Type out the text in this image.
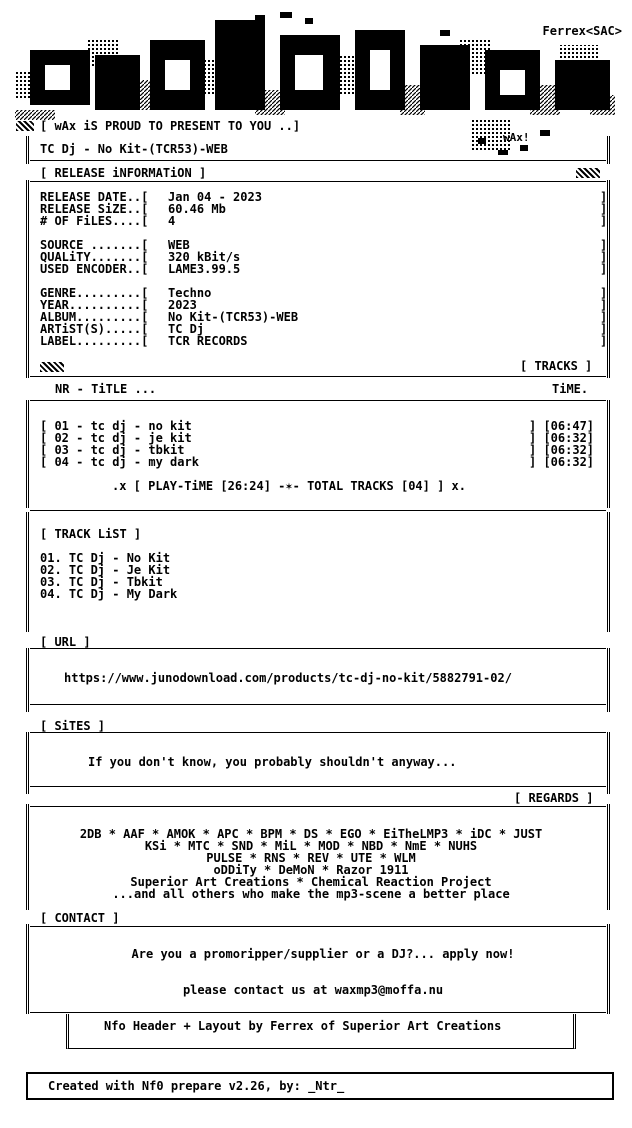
Ferrex<SAC>
[ wAx iS PROUD TO PRESENT TO YOU ..]
wAx!
TC Dj - No Kit-(TCR53)-WEB
[ RELEASE iNFORMATiON ]
RELEASE DATE..[ Jan 04 - 2023	]
RELEASE SiZE..[ 60.46 Mb	]
# OF FiLES....[ 4	]
SOURCE .......[ WEB	]
QUALiTY.......[ 320 kBit/s	]
USED ENCODER..[ LAME3.99.5	]
GENRE.........[ Techno	]
YEAR..........[ 2023	]
ALBUM.........[ No Kit-(TCR53)-WEB	]
ARTiST(S).....[ TC Dj	]
LABEL.........[ TCR RECORDS	]
[ TRACKS ]
NR - TiTLE ...	TiME.
[ 01 - tc dj - no kit	] [06:47]
[ 02 - tc dj - je kit	] [06:32]
[ 03 - tc dj - tbkit	] [06:32]
[ 04 - tc dj - my dark	] [06:32]
.x [ PLAY-TiME [26:24] -✶- TOTAL TRACKS [04] ] x.
[ TRACK LiST ]
01. TC Dj - No Kit
02. TC Dj - Je Kit
03. TC Dj - Tbkit
04. TC Dj - My Dark
[ URL ]
https://www.junodownload.com/products/tc-dj-no-kit/5882791-02/
[ SiTES ]
If you don't know, you probably shouldn't anyway...
[ REGARDS ]
2DB * AAF * AMOK * APC * BPM * DS * EGO * EiTheLMP3 * iDC * JUST
KSi * MTC * SND * MiL * MOD * NBD * NmE * NUHS
PULSE * RNS * REV * UTE * WLM
oDDiTy * DeMoN * Razor 1911
Superior Art Creations * Chemical Reaction Project
...and all others who make the mp3-scene a better place
[ CONTACT ]
Are you a promoripper/supplier or a DJ?... apply now!
please contact us at waxmp3@moffa.nu
Nfo Header + Layout by Ferrex of Superior Art Creations
Created with Nf0 prepare v2.26, by: _Ntr_
